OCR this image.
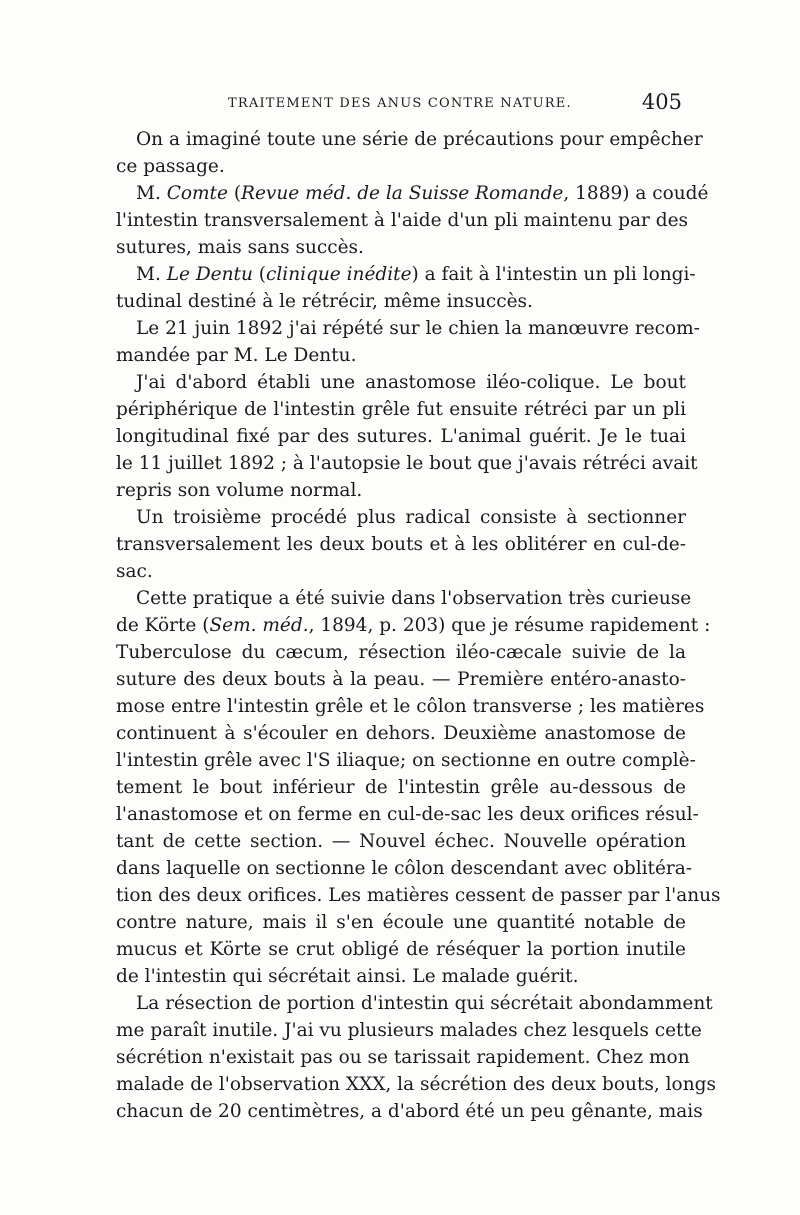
TRAITEMENT DES ANUS CONTRE NATURE.	405
On a imaginé toute une série de précautions pour empêcher
ce passage.
M. Comte (Revue méd. de la Suisse Romande, 1889) a coudé
l'intestin transversalement à l'aide d'un pli maintenu par des
sutures, mais sans succès.
M. Le Dentu (clinique inédite) a fait à l'intestin un pli longi-
tudinal destiné à le rétrécir, même insuccès.
Le 21 juin 1892 j'ai répété sur le chien la manœuvre recom-
mandée par M. Le Dentu.
J'ai d'abord établi une anastomose iléo-colique. Le bout
périphérique de l'intestin grêle fut ensuite rétréci par un pli
longitudinal fixé par des sutures. L'animal guérit. Je le tuai
le 11 juillet 1892 ; à l'autopsie le bout que j'avais rétréci avait
repris son volume normal.
Un troisième procédé plus radical consiste à sectionner
transversalement les deux bouts et à les oblitérer en cul-de-
sac.
Cette pratique a été suivie dans l'observation très curieuse
de Körte (Sem. méd., 1894, p. 203) que je résume rapidement :
Tuberculose du cæcum, résection iléo-cæcale suivie de la
suture des deux bouts à la peau. — Première entéro-anasto-
mose entre l'intestin grêle et le côlon transverse ; les matières
continuent à s'écouler en dehors. Deuxième anastomose de
l'intestin grêle avec l'S iliaque; on sectionne en outre complè-
tement le bout inférieur de l'intestin grêle au-dessous de
l'anastomose et on ferme en cul-de-sac les deux orifices résul-
tant de cette section. — Nouvel échec. Nouvelle opération
dans laquelle on sectionne le côlon descendant avec oblitéra-
tion des deux orifices. Les matières cessent de passer par l'anus
contre nature, mais il s'en écoule une quantité notable de
mucus et Körte se crut obligé de réséquer la portion inutile
de l'intestin qui sécrétait ainsi. Le malade guérit.
La résection de portion d'intestin qui sécrétait abondamment
me paraît inutile. J'ai vu plusieurs malades chez lesquels cette
sécrétion n'existait pas ou se tarissait rapidement. Chez mon
malade de l'observation XXX, la sécrétion des deux bouts, longs
chacun de 20 centimètres, a d'abord été un peu gênante, mais
